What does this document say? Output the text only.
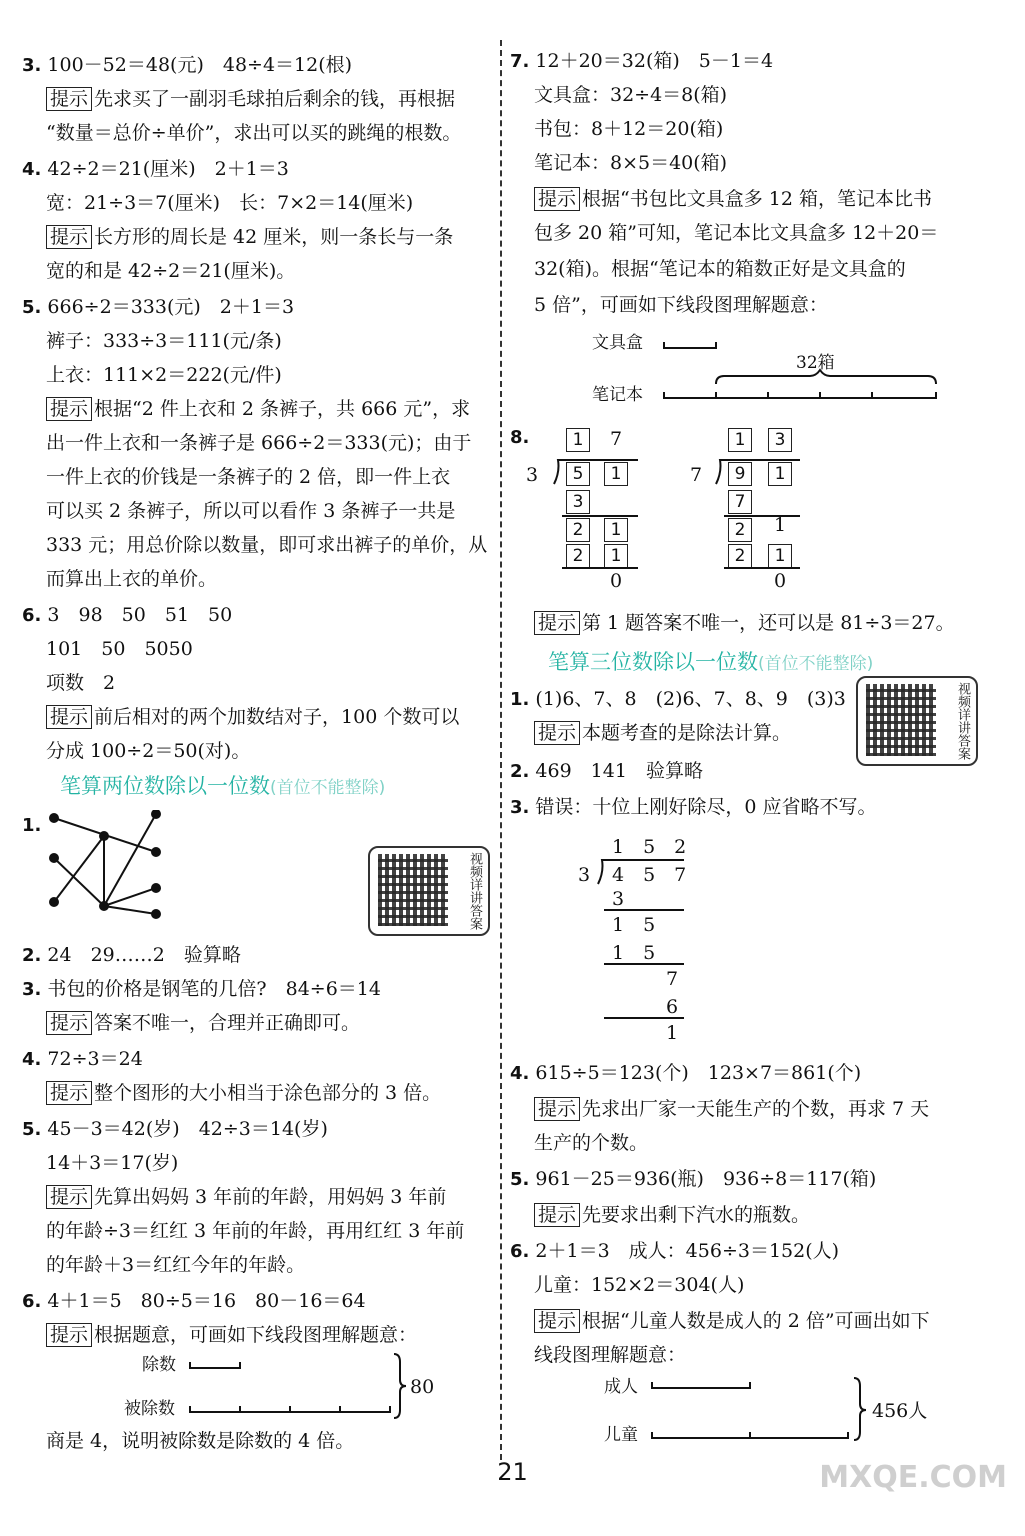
3. 100－52＝48(元)　48÷4＝12(根)
提示 先求买了一副羽毛球拍后剩余的钱，再根据
“数量＝总价÷单价”，求出可以买的跳绳的根数。
4. 42÷2＝21(厘米)　2＋1＝3
宽：21÷3＝7(厘米)　长：7×2＝14(厘米)
提示 长方形的周长是 42 厘米，则一条长与一条
宽的和是 42÷2＝21(厘米)。
5. 666÷2＝333(元)　2＋1＝3
裤子：333÷3＝111(元/条)
上衣：111×2＝222(元/件)
提示 根据“2 件上衣和 2 条裤子，共 666 元”，求
出一件上衣和一条裤子是 666÷2＝333(元)；由于
一件上衣的价钱是一条裤子的 2 倍，即一件上衣
可以买 2 条裤子，所以可以看作 3 条裤子一共是
333 元；用总价除以数量，即可求出裤子的单价，从
而算出上衣的单价。
6. 3　98　50　51　50
101　50　5050
项数　2
提示 前后相对的两个加数结对子，100 个数可以
分成 100÷2＝50(对)。
笔算两位数除以一位数(首位不能整除)
1.
视频详讲答案
2. 24　29……2　验算略
3. 书包的价格是钢笔的几倍?　84÷6＝14
提示 答案不唯一，合理并正确即可。
4. 72÷3＝24
提示 整个图形的大小相当于涂色部分的 3 倍。
5. 45－3＝42(岁)　42÷3＝14(岁)
14＋3＝17(岁)
提示 先算出妈妈 3 年前的年龄，用妈妈 3 年前
的年龄÷3＝红红 3 年前的年龄，再用红红 3 年前
的年龄＋3＝红红今年的年龄。
6. 4＋1＝5　80÷5＝16　80－16＝64
提示 根据题意，可画如下线段图理解题意：
除数
被除数
80
商是 4，说明被除数是除数的 4 倍。
7. 12＋20＝32(箱)　5－1＝4
文具盒：32÷4＝8(箱)
书包：8＋12＝20(箱)
笔记本：8×5＝40(箱)
提示 根据“书包比文具盒多 12 箱，笔记本比书
包多 20 箱”可知，笔记本比文具盒多 12＋20＝
32(箱)。根据“笔记本的箱数正好是文具盒的
5 倍”，可画如下线段图理解题意：
文具盒
笔记本
32箱
8.	1	7
3	5	1
3
2	1
2	1
0
1	3
7	9	1
7
2	1
2	1
0
提示 第 1 题答案不唯一，还可以是 81÷3＝27。
笔算三位数除以一位数(首位不能整除)
视频详讲答案
1. (1)6、7、8　(2)6、7、8、9　(3)3
提示 本题考查的是除法计算。
2. 469　141　验算略
3. 错误：十位上刚好除尽，0 应省略不写。
1　5　2
3 4　5　7
3
1　5
1　5
7
6
1
4. 615÷5＝123(个)　123×7＝861(个)
提示 先求出厂家一天能生产的个数，再求 7 天
生产的个数。
5. 961－25＝936(瓶)　936÷8＝117(箱)
提示 先要求出剩下汽水的瓶数。
6. 2＋1＝3　成人：456÷3＝152(人)
儿童：152×2＝304(人)
提示 根据“儿童人数是成人的 2 倍”可画出如下
线段图理解题意：
成人
儿童
456人
21	MXQE.COM
